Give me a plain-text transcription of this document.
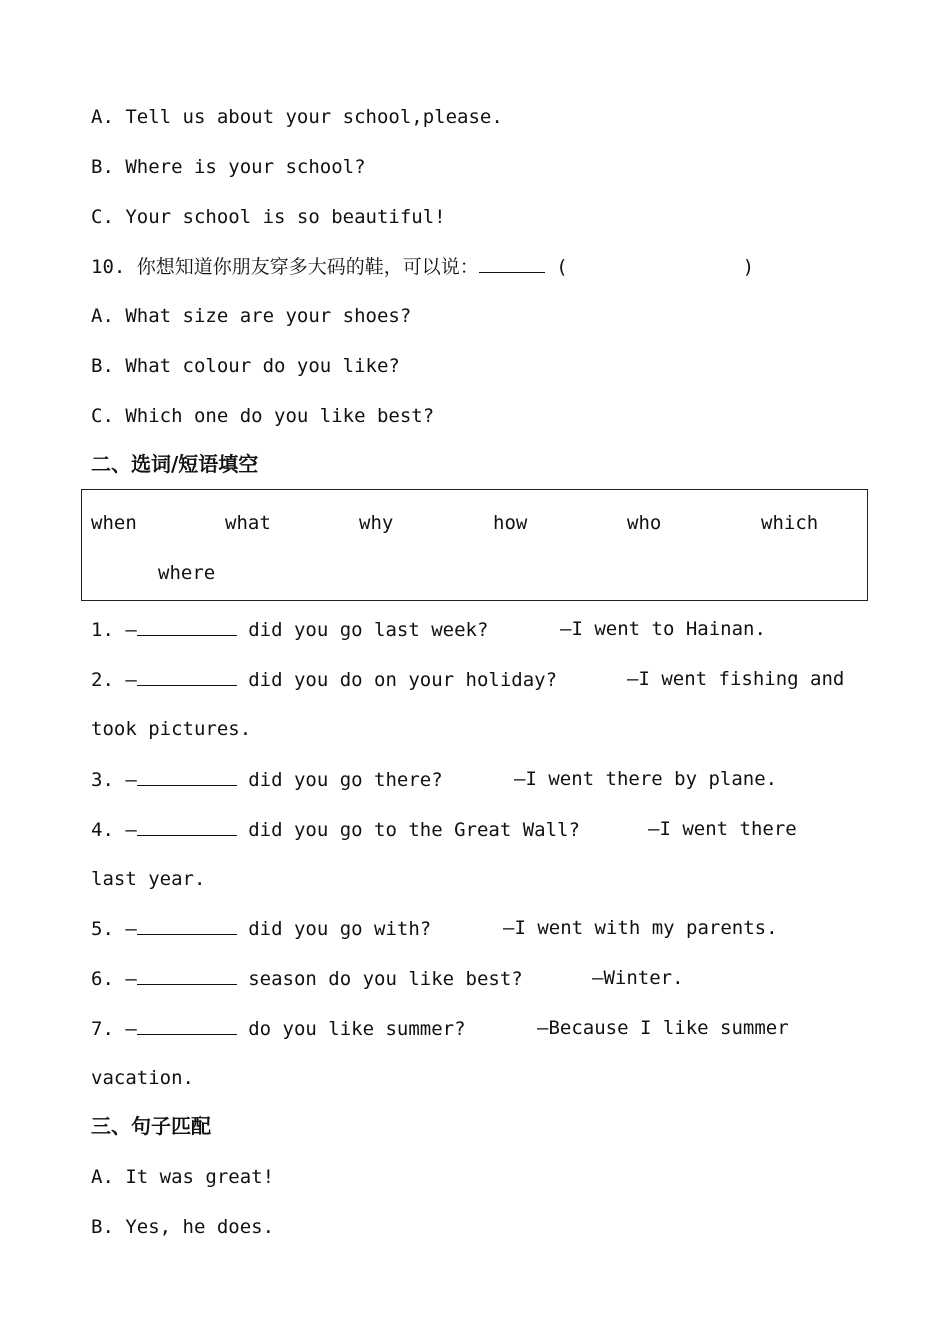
A. Tell us about your school,please.
B. Where is your school?
C. Your school is so beautiful!
10. 你想知道你朋友穿多大码的鞋，可以说：	(	)
A. What size are your shoes?
B. What colour do you like?
C. Which one do you like best?
二、选词/短语填空
when	what	why	how	who	which
where
1. —	did you go last week?	—I went to Hainan.
2. —	did you do on your holiday?	—I went fishing and
took pictures.
3. —	did you go there?	—I went there by plane.
4. —	did you go to the Great Wall?	—I went there
last year.
5. —	did you go with?	—I went with my parents.
6. —	season do you like best?	—Winter.
7. —	do you like summer?	—Because I like summer
vacation.
三、句子匹配
A. It was great!
B. Yes, he does.
